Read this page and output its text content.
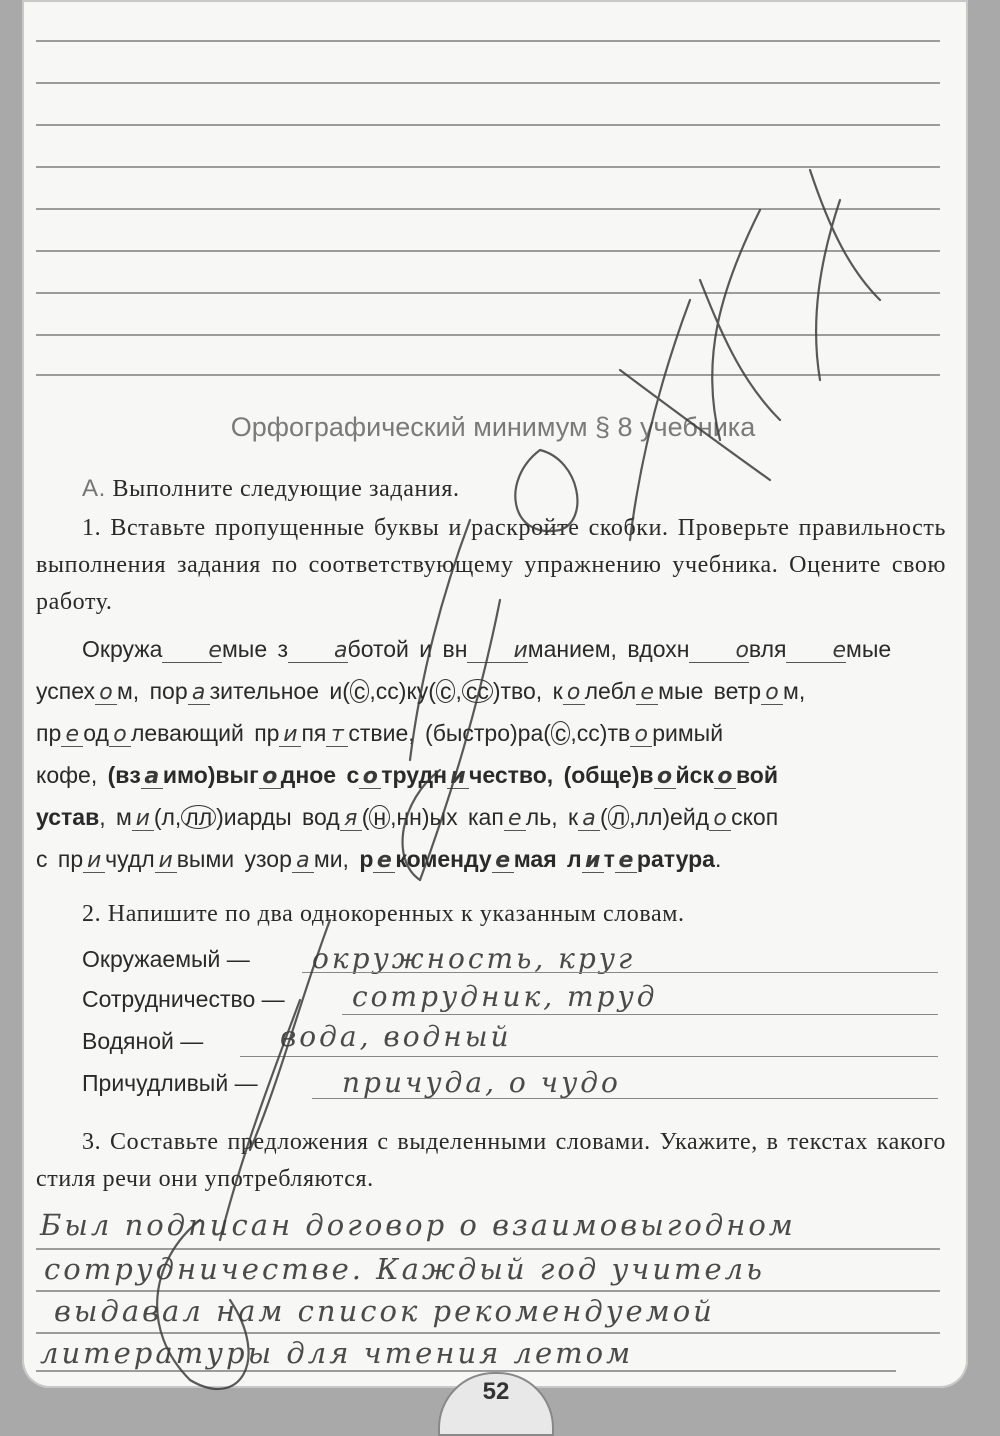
Орфографический минимум § 8 учебника
А. Выполните следующие задания.
1. Вставьте пропущенные буквы и раскройте скобки. Проверьте правильность выполнения задания по соответствующему упражнению учебника. Оцените свою работу.
Окружа емые з аботой и вн иманием, вдохн овля емые
успех о м, пор а зительное и( с ,сс)ку( с , сс )тво, к о лебл е мые ветр о м,
пр е од о левающий пр и пя т ствие, (быстро)ра( с ,сс)тв о римый
кофе, (вз а имо)выг о дное с о трудн и чество, (обще)в о йск о вой
устав, м и (л, лл )иарды вод я ( н ,нн)ых кап е ль, к а ( л ,лл)ейд о скоп
с пр и чудл и выми узор а ми, р е коменду е мая л и т е ратура.
2. Напишите по два однокоренных к указанным словам.
Окружаемый — окружность, круг
Сотрудничество — сотрудник, труд
Водяной —	вода, водный
Причудливый —	причуда, о чудо
3. Составьте предложения с выделенными словами. Укажите, в текстах какого стиля речи они употребляются.
Был подписан договор о взаимовыгодном
сотрудничестве. Каждый год учитель
выдавал нам список рекомендуемой
литературы для чтения летом
52
